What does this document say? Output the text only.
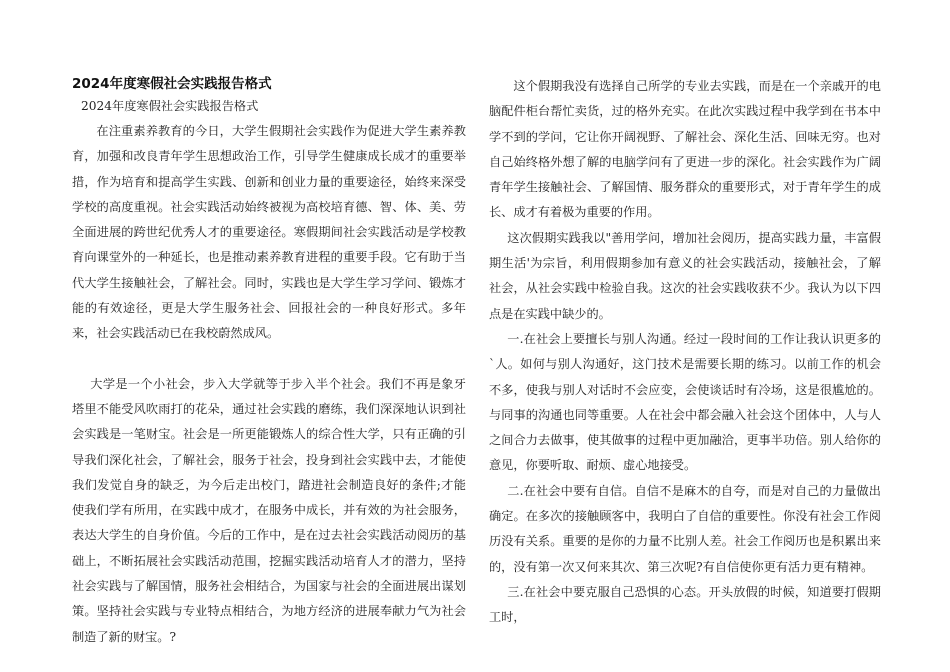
2024年度寒假社会实践报告格式
2024年度寒假社会实践报告格式

在注重素养教育的今日，大学生假期社会实践作为促进大学生素养教育，加强和改良青年学生思想政治工作，引导学生健康成长成才的重要举措，作为培育和提高学生实践、创新和创业力量的重要途径，始终来深受学校的高度重视。社会实践活动始终被视为高校培育德、智、体、美、劳全面进展的跨世纪优秀人才的重要途径。寒假期间社会实践活动是学校教育向课堂外的一种延长，也是推动素养教育进程的重要手段。它有助于当代大学生接触社会，了解社会。同时，实践也是大学生学习学问、锻炼才能的有效途径，更是大学生服务社会、回报社会的一种良好形式。多年来，社会实践活动已在我校蔚然成风。

大学是一个小社会，步入大学就等于步入半个社会。我们不再是象牙塔里不能受风吹雨打的花朵，通过社会实践的磨练，我们深深地认识到社会实践是一笔财宝。社会是一所更能锻炼人的综合性大学，只有正确的引导我们深化社会，了解社会，服务于社会，投身到社会实践中去，才能使我们发觉自身的缺乏，为今后走出校门，踏进社会制造良好的条件;才能使我们学有所用，在实践中成才，在服务中成长，并有效的为社会服务，表达大学生的自身价值。今后的工作中，是在过去社会实践活动阅历的基础上，不断拓展社会实践活动范围，挖掘实践活动培育人才的潜力，坚持社会实践与了解国情，服务社会相结合，为国家与社会的全面进展出谋划策。坚持社会实践与专业特点相结合，为地方经济的进展奉献力气为社会制造了新的财宝。?

这个假期我没有选择自己所学的专业去实践，而是在一个亲戚开的电脑配件柜台帮忙卖货，过的格外充实。在此次实践过程中我学到在书本中学不到的学问，它让你开阔视野、了解社会、深化生活、回味无穷。也对自己始终格外想了解的电脑学问有了更进一步的深化。社会实践作为广阔青年学生接触社会、了解国情、服务群众的重要形式，对于青年学生的成长、成才有着极为重要的作用。

这次假期实践我以"善用学问，增加社会阅历，提高实践力量，丰富假期生活'为宗旨，利用假期参加有意义的社会实践活动，接触社会，了解社会，从社会实践中检验自我。这次的社会实践收获不少。我认为以下四点是在实践中缺少的。

一.在社会上要擅长与别人沟通。经过一段时间的工作让我认识更多的`人。如何与别人沟通好，这门技术是需要长期的练习。以前工作的机会不多，使我与别人对话时不会应变，会使谈话时有冷场，这是很尴尬的。与同事的沟通也同等重要。人在社会中都会融入社会这个团体中，人与人之间合力去做事，使其做事的过程中更加融洽，更事半功倍。别人给你的意见，你要听取、耐烦、虚心地接受。

二.在社会中要有自信。自信不是麻木的自夸，而是对自己的力量做出确定。在多次的接触顾客中，我明白了自信的重要性。你没有社会工作阅历没有关系。重要的是你的力量不比别人差。社会工作阅历也是积累出来的，没有第一次又何来其次、第三次呢?有自信使你更有活力更有精神。

三.在社会中要克服自己恐惧的心态。开头放假的时候，知道要打假期工时，
